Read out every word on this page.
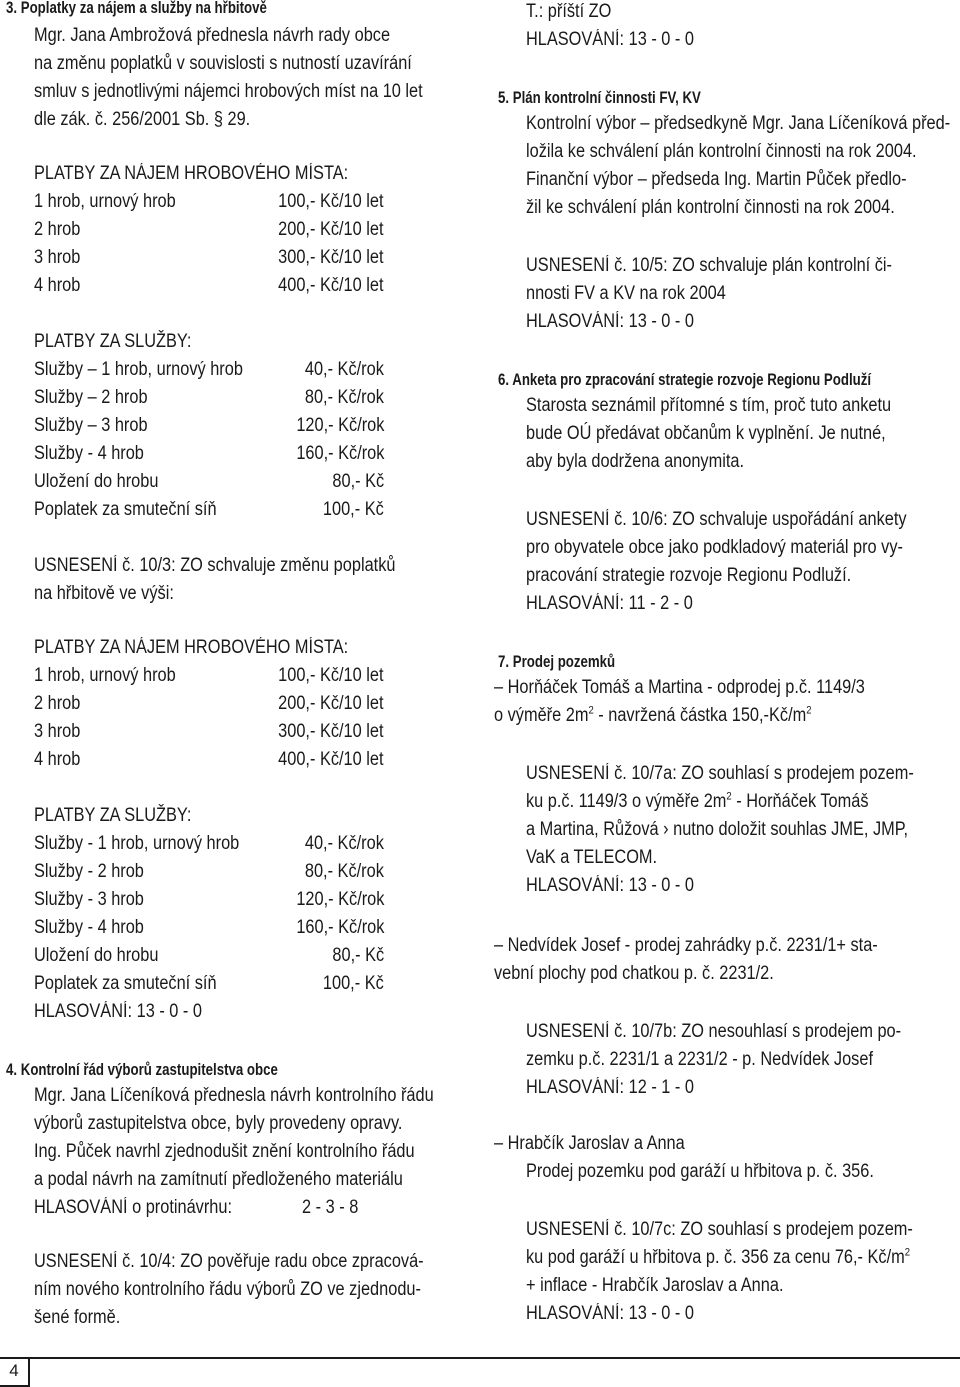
3. Poplatky za nájem a služby na hřbitově
Mgr. Jana Ambrožová přednesla návrh rady obce
na změnu poplatků v souvislosti s nutností uzavírání
smluv s jednotlivými nájemci hrobových míst na 10 let
dle zák. č. 256/2001 Sb. § 29.
PLATBY ZA NÁJEM HROBOVÉHO MÍSTA:
1 hrob, urnový hrob	100,- Kč/10 let
2 hrob	200,- Kč/10 let
3 hrob	300,- Kč/10 let
4 hrob	400,- Kč/10 let
PLATBY ZA SLUŽBY:
Služby – 1 hrob, urnový hrob	40,- Kč/rok
Služby – 2 hrob	80,- Kč/rok
Služby – 3 hrob	120,- Kč/rok
Služby - 4 hrob	160,- Kč/rok
Uložení do hrobu	80,- Kč
Poplatek za smuteční síň	100,- Kč
USNESENÍ č. 10/3: ZO schvaluje změnu poplatků
na hřbitově ve výši:
PLATBY ZA NÁJEM HROBOVÉHO MÍSTA:
1 hrob, urnový hrob	100,- Kč/10 let
2 hrob	200,- Kč/10 let
3 hrob	300,- Kč/10 let
4 hrob	400,- Kč/10 let
PLATBY ZA SLUŽBY:
Služby - 1 hrob, urnový hrob	40,- Kč/rok
Služby - 2 hrob	80,- Kč/rok
Služby - 3 hrob	120,- Kč/rok
Služby - 4 hrob	160,- Kč/rok
Uložení do hrobu	80,- Kč
Poplatek za smuteční síň	100,- Kč
HLASOVÁNÍ: 13 - 0 - 0
4. Kontrolní řád výborů zastupitelstva obce
Mgr. Jana Líčeníková přednesla návrh kontrolního řádu
výborů zastupitelstva obce, byly provedeny opravy.
Ing. Půček navrhl zjednodušit znění kontrolního řádu
a podal návrh na zamítnutí předloženého materiálu
HLASOVÁNÍ o protinávrhu:	2 - 3 - 8
USNESENÍ č. 10/4: ZO pověřuje radu obce zpracová-
ním nového kontrolního řádu výborů ZO ve zjednodu-
šené formě.
T.: příští ZO
HLASOVÁNÍ: 13 - 0 - 0
5. Plán kontrolní činnosti FV, KV
Kontrolní výbor – předsedkyně Mgr. Jana Líčeníková před-
ložila ke schválení plán kontrolní činnosti na rok 2004.
Finanční výbor – předseda Ing. Martin Půček předlo-
žil ke schválení plán kontrolní činnosti na rok 2004.
USNESENÍ č. 10/5: ZO schvaluje plán kontrolní či-
nnosti FV a KV na rok 2004
HLASOVÁNÍ: 13 - 0 - 0
6. Anketa pro zpracování strategie rozvoje Regionu Podluží
Starosta seznámil přítomné s tím, proč tuto anketu
bude OÚ předávat občanům k vyplnění. Je nutné,
aby byla dodržena anonymita.
USNESENÍ č. 10/6: ZO schvaluje uspořádání ankety
pro obyvatele obce jako podkladový materiál pro vy-
pracování strategie rozvoje Regionu Podluží.
HLASOVÁNÍ: 11 - 2 - 0
7. Prodej pozemků
– Horňáček Tomáš a Martina - odprodej p.č. 1149/3
o výměře $2m^2$ - navržená částka $150,-Kč/m^2$
USNESENÍ č. 10/7a: ZO souhlasí s prodejem pozem-
ku p.č. 1149/3 o výměře $2m^2$ - Horňáček Tomáš
a Martina, Růžová › nutno doložit souhlas JME, JMP,
VaK a TELECOM.
HLASOVÁNÍ: 13 - 0 - 0
– Nedvídek Josef - prodej zahrádky p.č. 2231/1+ sta-
vební plochy pod chatkou p. č. 2231/2.
USNESENÍ č. 10/7b: ZO nesouhlasí s prodejem po-
zemku p.č. 2231/1 a 2231/2 - p. Nedvídek Josef
HLASOVÁNÍ: 12 - 1 - 0
– Hrabčík Jaroslav a Anna
Prodej pozemku pod garáží u hřbitova p. č. 356.
USNESENÍ č. 10/7c: ZO souhlasí s prodejem pozem-
ku pod garáží u hřbitova p. č. 356 za cenu 76,- $Kč/m^2$
+ inflace - Hrabčík Jaroslav a Anna.
HLASOVÁNÍ: 13 - 0 - 0
4
